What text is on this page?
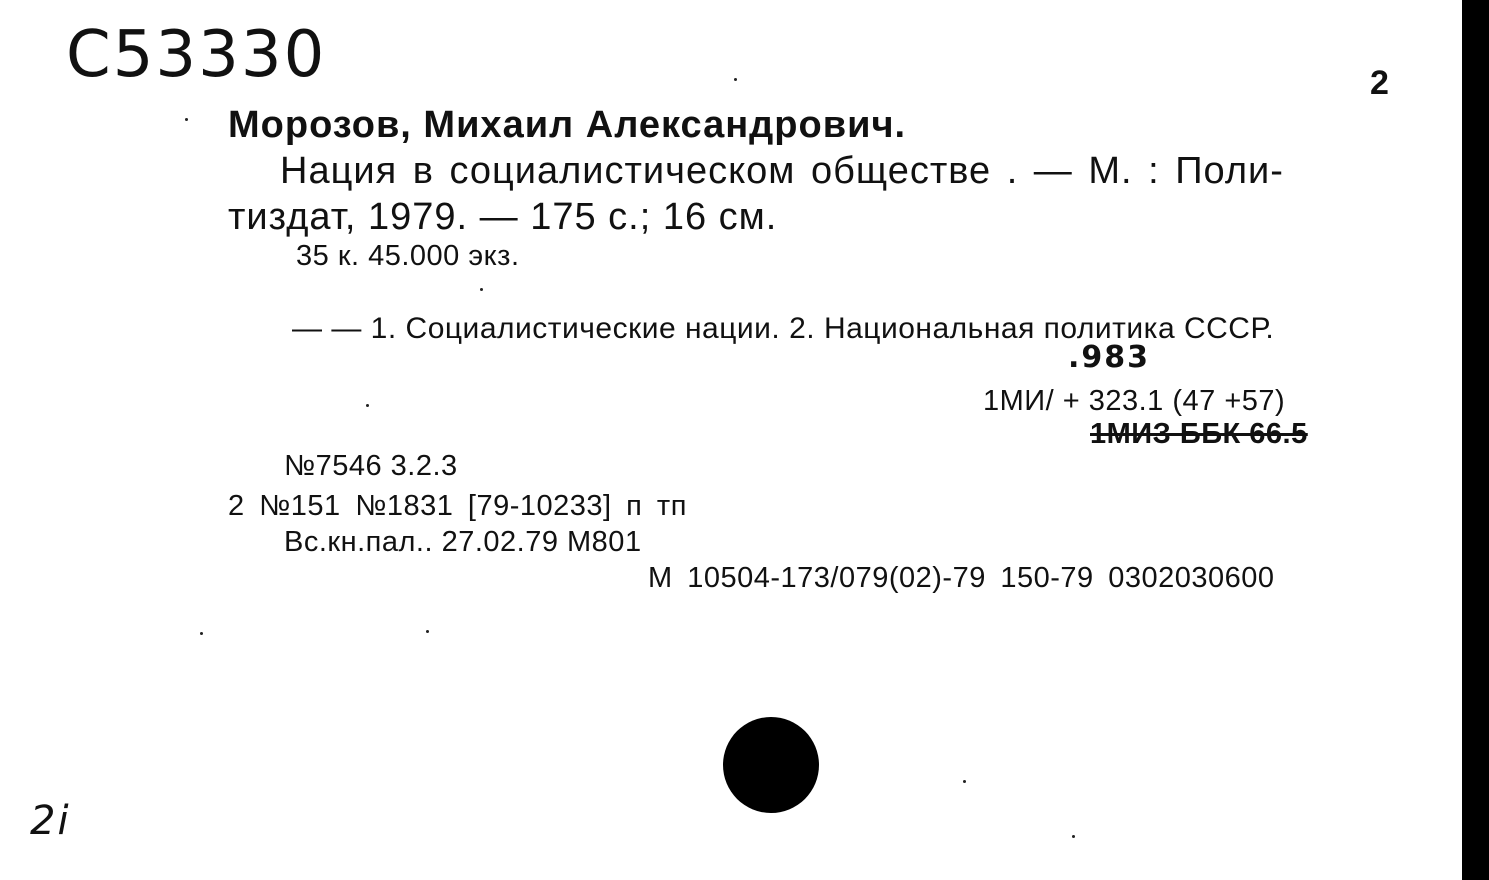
С53330	2
Морозов, Михаил Александрович.
Нация в социалистическом обществе . — М. : Поли-
тиздат, 1979. — 175 с.; 16 см.
35 к. 45.000 экз.
— — 1. Социалистические нации. 2. Национальная политика СССР.
.983
1МИ/ + 323.1 (47 +57)
1МИЗ ББК 66.5
№7546 3.2.3
2 №151 №1831 [79-10233] п тп
Вс.кн.пал.. 27.02.79 М801
М 10504-173/079(02)-79 150-79 0302030600
2i
